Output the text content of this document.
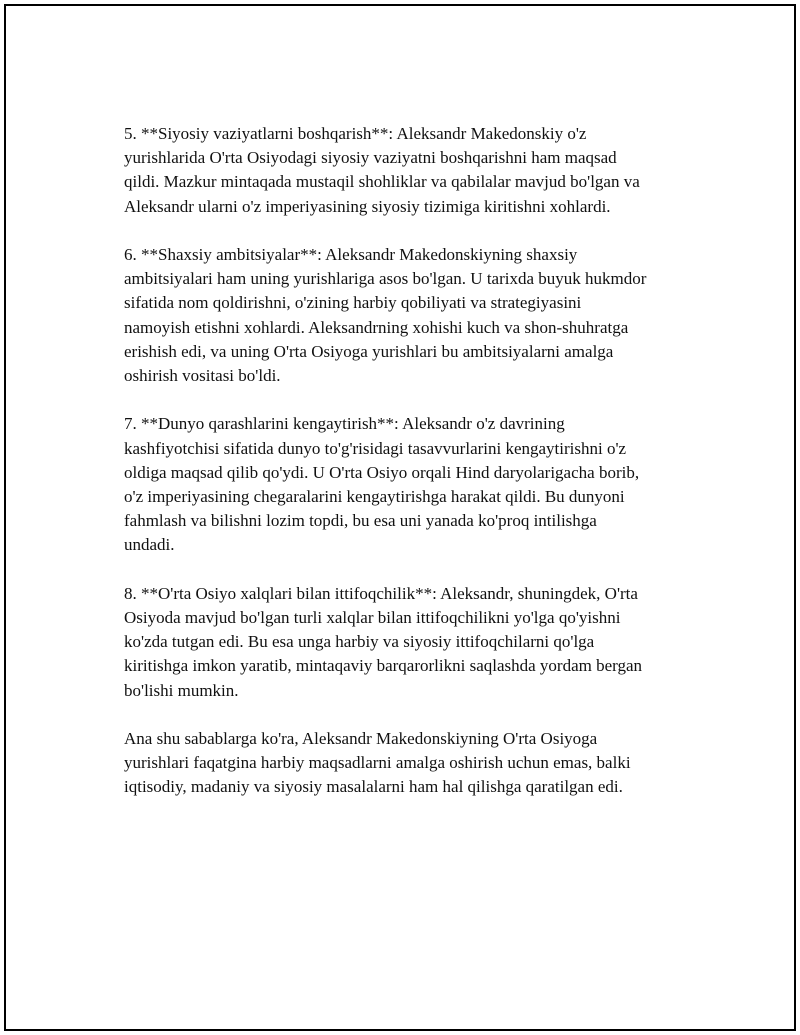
5. **Siyosiy vaziyatlarni boshqarish**: Aleksandr Makedonskiy o'z
yurishlarida O'rta Osiyodagi siyosiy vaziyatni boshqarishni ham maqsad
qildi. Mazkur mintaqada mustaqil shohliklar va qabilalar mavjud bo'lgan va
Aleksandr ularni o'z imperiyasining siyosiy tizimiga kiritishni xohlardi.

6. **Shaxsiy ambitsiyalar**: Aleksandr Makedonskiyning shaxsiy
ambitsiyalari ham uning yurishlariga asos bo'lgan. U tarixda buyuk hukmdor
sifatida nom qoldirishni, o'zining harbiy qobiliyati va strategiyasini
namoyish etishni xohlardi. Aleksandrning xohishi kuch va shon-shuhratga
erishish edi, va uning O'rta Osiyoga yurishlari bu ambitsiyalarni amalga
oshirish vositasi bo'ldi.

7. **Dunyo qarashlarini kengaytirish**: Aleksandr o'z davrining
kashfiyotchisi sifatida dunyo to'g'risidagi tasavvurlarini kengaytirishni o'z
oldiga maqsad qilib qo'ydi. U O'rta Osiyo orqali Hind daryolarigacha borib,
o'z imperiyasining chegaralarini kengaytirishga harakat qildi. Bu dunyoni
fahmlash va bilishni lozim topdi, bu esa uni yanada ko'proq intilishga
undadi.

8. **O'rta Osiyo xalqlari bilan ittifoqchilik**: Aleksandr, shuningdek, O'rta
Osiyoda mavjud bo'lgan turli xalqlar bilan ittifoqchilikni yo'lga qo'yishni
ko'zda tutgan edi. Bu esa unga harbiy va siyosiy ittifoqchilarni qo'lga
kiritishga imkon yaratib, mintaqaviy barqarorlikni saqlashda yordam bergan
bo'lishi mumkin.

Ana shu sabablarga ko'ra, Aleksandr Makedonskiyning O'rta Osiyoga
yurishlari faqatgina harbiy maqsadlarni amalga oshirish uchun emas, balki
iqtisodiy, madaniy va siyosiy masalalarni ham hal qilishga qaratilgan edi.
